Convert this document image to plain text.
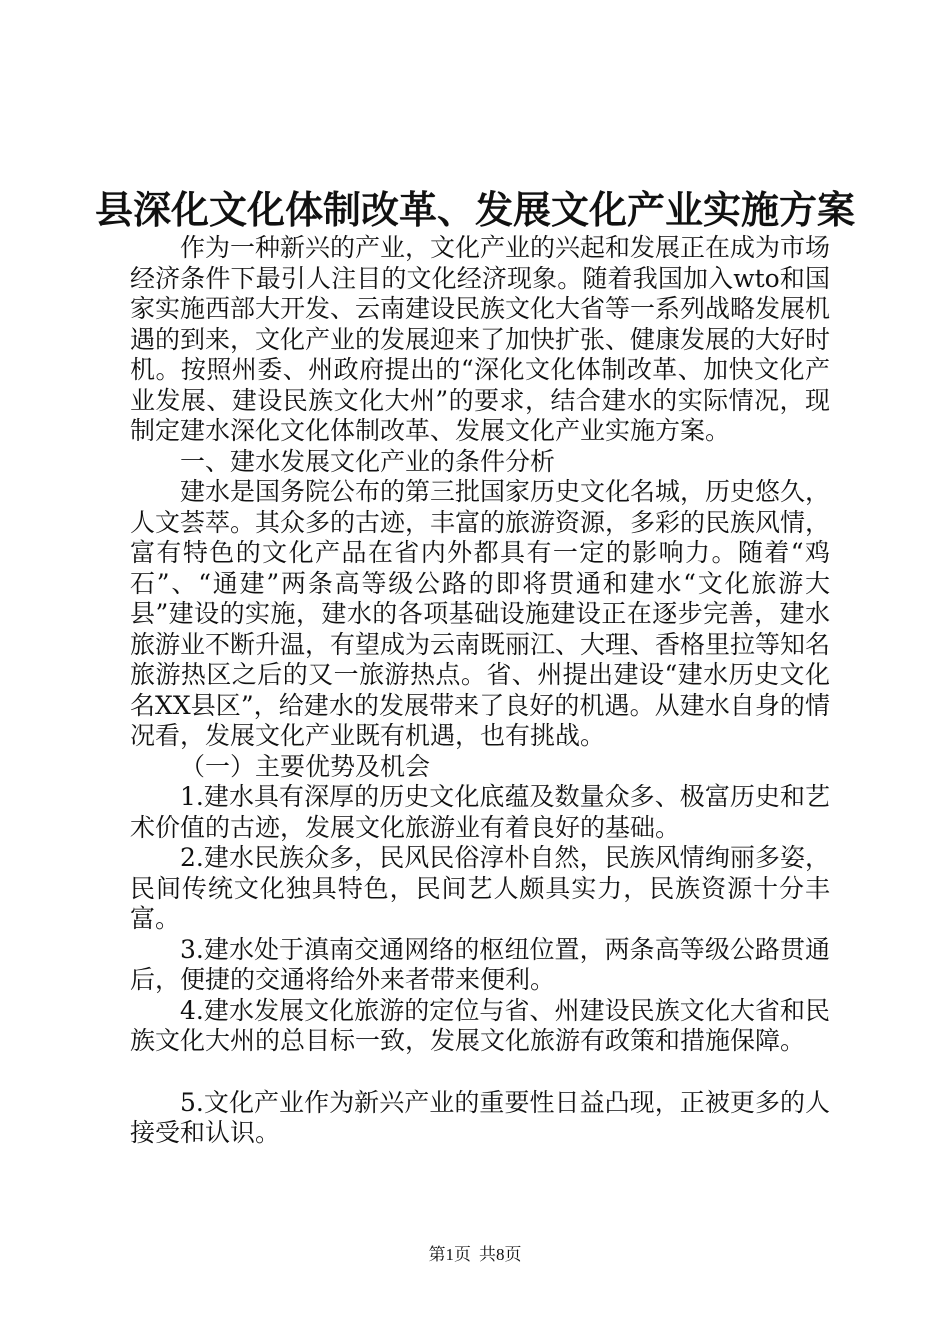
县深化文化体制改革、发展文化产业实施方案

作为一种新兴的产业，文化产业的兴起和发展正在成为市场经济条件下最引人注目的文化经济现象。随着我国加入wto和国家实施西部大开发、云南建设民族文化大省等一系列战略发展机遇的到来，文化产业的发展迎来了加快扩张、健康发展的大好时机。按照州委、州政府提出的“深化文化体制改革、加快文化产业发展、建设民族文化大州”的要求，结合建水的实际情况，现制定建水深化文化体制改革、发展文化产业实施方案。

一、建水发展文化产业的条件分析

建水是国务院公布的第三批国家历史文化名城，历史悠久，人文荟萃。其众多的古迹，丰富的旅游资源，多彩的民族风情，富有特色的文化产品在省内外都具有一定的影响力。随着“鸡石”、“通建”两条高等级公路的即将贯通和建水“文化旅游大县”建设的实施，建水的各项基础设施建设正在逐步完善，建水旅游业不断升温，有望成为云南既丽江、大理、香格里拉等知名旅游热区之后的又一旅游热点。省、州提出建设“建水历史文化名XX县区”，给建水的发展带来了良好的机遇。从建水自身的情况看，发展文化产业既有机遇，也有挑战。

（一）主要优势及机会

1.建水具有深厚的历史文化底蕴及数量众多、极富历史和艺术价值的古迹，发展文化旅游业有着良好的基础。

2.建水民族众多，民风民俗淳朴自然，民族风情绚丽多姿，民间传统文化独具特色，民间艺人颇具实力，民族资源十分丰富。

3.建水处于滇南交通网络的枢纽位置，两条高等级公路贯通后，便捷的交通将给外来者带来便利。

4.建水发展文化旅游的定位与省、州建设民族文化大省和民族文化大州的总目标一致，发展文化旅游有政策和措施保障。

5.文化产业作为新兴产业的重要性日益凸现，正被更多的人接受和认识。

第1页 共8页
